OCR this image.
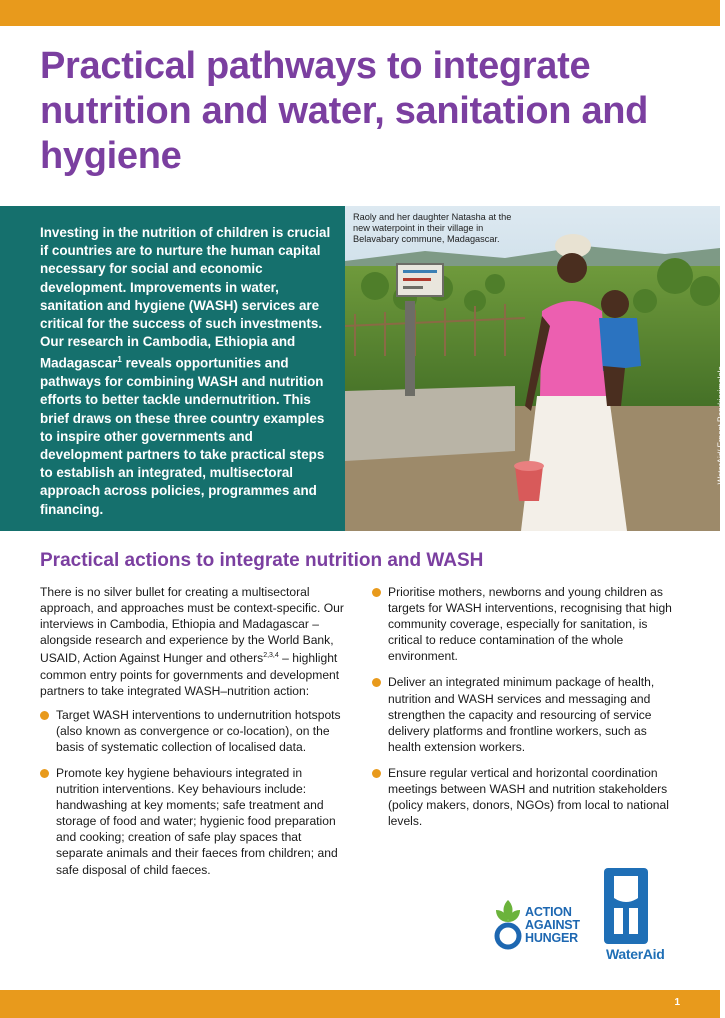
Practical pathways to integrate nutrition and water, sanitation and hygiene
Investing in the nutrition of children is crucial if countries are to nurture the human capital necessary for social and economic development. Improvements in water, sanitation and hygiene (WASH) services are critical for the success of such investments. Our research in Cambodia, Ethiopia and Madagascar$^1$ reveals opportunities and pathways for combining WASH and nutrition efforts to better tackle undernutrition. This brief draws on these three country examples to inspire other governments and development partners to take practical steps to establish an integrated, multisectoral approach across policies, programmes and financing.
Raoly and her daughter Natasha at the new waterpoint in their village in Belavabary commune, Madagascar.
WaterAid/ Ernest Randriarimalala
Practical actions to integrate nutrition and WASH

There is no silver bullet for creating a multisectoral approach, and approaches must be context-specific. Our interviews in Cambodia, Ethiopia and Madagascar – alongside research and experience by the World Bank, USAID, Action Against Hunger and others$^{2,3,4}$ – highlight common entry points for governments and development partners to take integrated WASH–nutrition action:

Target WASH interventions to undernutrition hotspots (also known as convergence or co-location), on the basis of systematic collection of localised data.
Promote key hygiene behaviours integrated in nutrition interventions. Key behaviours include: handwashing at key moments; safe treatment and storage of food and water; hygienic food preparation and cooking; creation of safe play spaces that separate animals and their faeces from children; and safe disposal of child faeces.
Prioritise mothers, newborns and young children as targets for WASH interventions, recognising that high community coverage, especially for sanitation, is critical to reduce contamination of the whole environment.
Deliver an integrated minimum package of health, nutrition and WASH services and messaging and strengthen the capacity and resourcing of service delivery platforms and frontline workers, such as health extension workers.
Ensure regular vertical and horizontal coordination meetings between WASH and nutrition stakeholders (policy makers, donors, NGOs) from local to national levels.
ACTION
AGAINST
HUNGER
WaterAid
1
